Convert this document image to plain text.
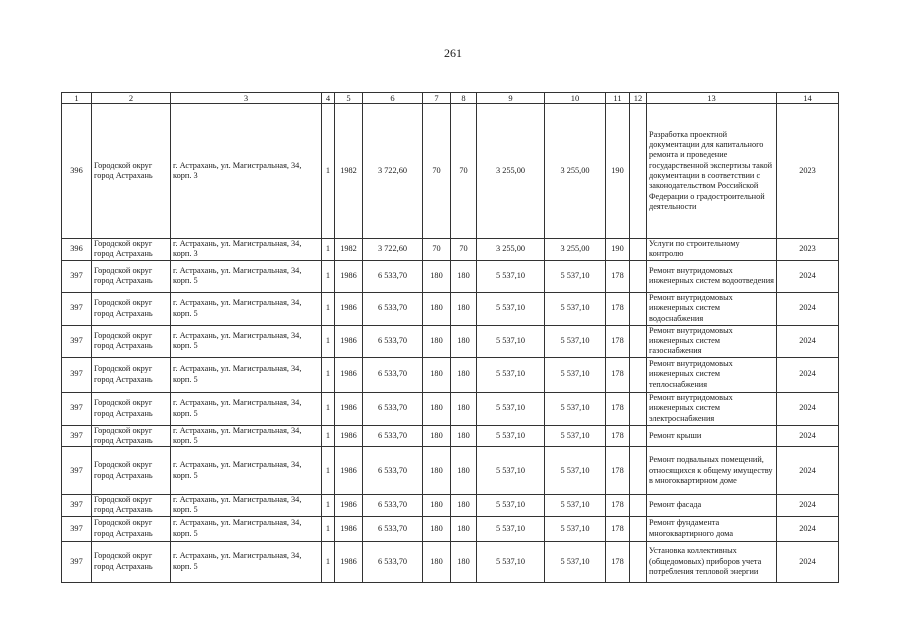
261
1	2	3	4	5	6	7	8	9	10	11	12	13	14
396	Городской округ город Астрахань	г. Астрахань, ул. Магистральная, 34, корп. 3	1	1982	3 722,60	70	70	3 255,00	3 255,00	190		Разработка проектной документации для капитального ремонта и проведение государственной экспертизы такой документации в соответствии с законодательством Российской Федерации о градостроительной деятельности	2023
396	Городской округ город Астрахань	г. Астрахань, ул. Магистральная, 34, корп. 3	1	1982	3 722,60	70	70	3 255,00	3 255,00	190		Услуги по строительному контролю	2023
397	Городской округ город Астрахань	г. Астрахань, ул. Магистральная, 34, корп. 5	1	1986	6 533,70	180	180	5 537,10	5 537,10	178		Ремонт внутридомовых инженерных систем водоотведения	2024
397	Городской округ город Астрахань	г. Астрахань, ул. Магистральная, 34, корп. 5	1	1986	6 533,70	180	180	5 537,10	5 537,10	178		Ремонт внутридомовых инженерных систем водоснабжения	2024
397	Городской округ город Астрахань	г. Астрахань, ул. Магистральная, 34, корп. 5	1	1986	6 533,70	180	180	5 537,10	5 537,10	178		Ремонт внутридомовых инженерных систем газоснабжения	2024
397	Городской округ город Астрахань	г. Астрахань, ул. Магистральная, 34, корп. 5	1	1986	6 533,70	180	180	5 537,10	5 537,10	178		Ремонт внутридомовых инженерных систем теплоснабжения	2024
397	Городской округ город Астрахань	г. Астрахань, ул. Магистральная, 34, корп. 5	1	1986	6 533,70	180	180	5 537,10	5 537,10	178		Ремонт внутридомовых инженерных систем электроснабжения	2024
397	Городской округ город Астрахань	г. Астрахань, ул. Магистральная, 34, корп. 5	1	1986	6 533,70	180	180	5 537,10	5 537,10	178		Ремонт крыши	2024
397	Городской округ город Астрахань	г. Астрахань, ул. Магистральная, 34, корп. 5	1	1986	6 533,70	180	180	5 537,10	5 537,10	178		Ремонт подвальных помещений, относящихся к общему имуществу в многоквартирном доме	2024
397	Городской округ город Астрахань	г. Астрахань, ул. Магистральная, 34, корп. 5	1	1986	6 533,70	180	180	5 537,10	5 537,10	178		Ремонт фасада	2024
397	Городской округ город Астрахань	г. Астрахань, ул. Магистральная, 34, корп. 5	1	1986	6 533,70	180	180	5 537,10	5 537,10	178		Ремонт фундамента многоквартирного дома	2024
397	Городской округ город Астрахань	г. Астрахань, ул. Магистральная, 34, корп. 5	1	1986	6 533,70	180	180	5 537,10	5 537,10	178		Установка коллективных (общедомовых) приборов учета потребления тепловой энергии	2024
